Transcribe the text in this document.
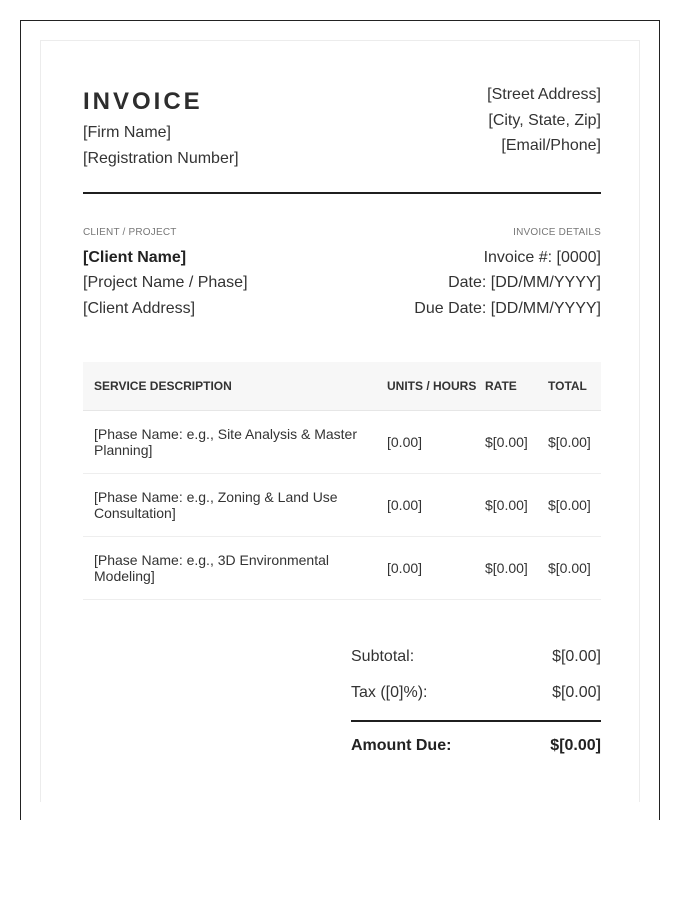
INVOICE
[Firm Name]
[Registration Number]
[Street Address]
[City, State, Zip]
[Email/Phone]
CLIENT / PROJECT	INVOICE DETAILS
[Client Name]
[Project Name / Phase]
[Client Address]
Invoice #: [0000]
Date: [DD/MM/YYYY]
Due Date: [DD/MM/YYYY]
SERVICE DESCRIPTION	UNITS / HOURS	RATE	TOTAL
[Phase Name: e.g., Site Analysis & Master Planning]	[0.00]	$[0.00]	$[0.00]
[Phase Name: e.g., Zoning & Land Use Consultation]	[0.00]	$[0.00]	$[0.00]
[Phase Name: e.g., 3D Environmental Modeling]	[0.00]	$[0.00]	$[0.00]
Subtotal:	$[0.00]
Tax ([0]%):	$[0.00]
Amount Due:	$[0.00]
